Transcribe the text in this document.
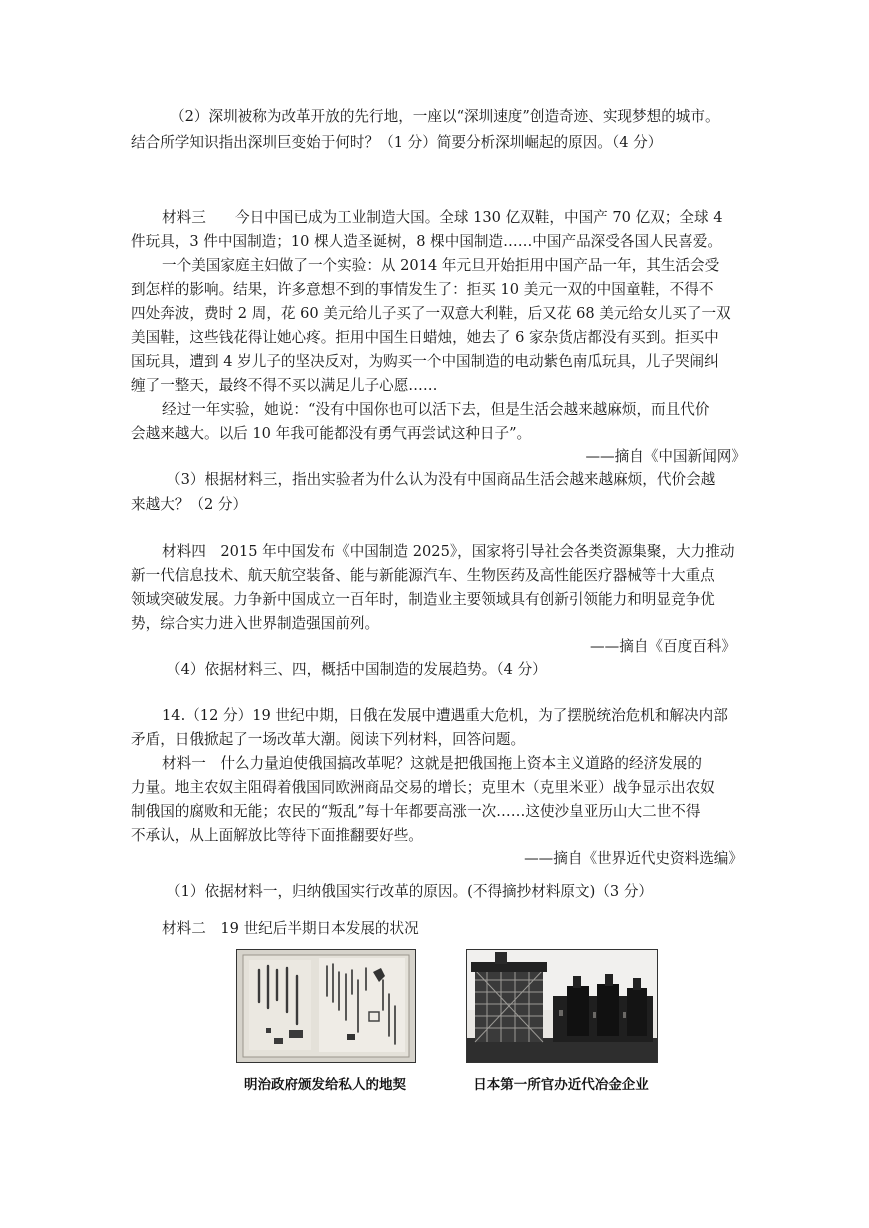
（2）深圳被称为改革开放的先行地，一座以“深圳速度”创造奇迹、实现梦想的城市。
结合所学知识指出深圳巨变始于何时？（1 分）简要分析深圳崛起的原因。（4 分）
材料三　　今日中国已成为工业制造大国。全球 130 亿双鞋，中国产 70 亿双；全球 4
件玩具，3 件中国制造；10 棵人造圣诞树，8 棵中国制造……中国产品深受各国人民喜爱。
一个美国家庭主妇做了一个实验：从 2014 年元旦开始拒用中国产品一年，其生活会受
到怎样的影响。结果，许多意想不到的事情发生了：拒买 10 美元一双的中国童鞋，不得不
四处奔波，费时 2 周，花 60 美元给儿子买了一双意大利鞋，后又花 68 美元给女儿买了一双
美国鞋，这些钱花得让她心疼。拒用中国生日蜡烛，她去了 6 家杂货店都没有买到。拒买中
国玩具，遭到 4 岁儿子的坚决反对，为购买一个中国制造的电动紫色南瓜玩具，儿子哭闹纠
缠了一整天，最终不得不买以满足儿子心愿……
经过一年实验，她说：“没有中国你也可以活下去，但是生活会越来越麻烦，而且代价
会越来越大。以后 10 年我可能都没有勇气再尝试这种日子”。
——摘自《中国新闻网》
（3）根据材料三，指出实验者为什么认为没有中国商品生活会越来越麻烦，代价会越
来越大？（2 分）
材料四　2015 年中国发布《中国制造 2025》，国家将引导社会各类资源集聚，大力推动
新一代信息技术、航天航空装备、能与新能源汽车、生物医药及高性能医疗器械等十大重点
领域突破发展。力争新中国成立一百年时，制造业主要领域具有创新引领能力和明显竞争优
势，综合实力进入世界制造强国前列。
——摘自《百度百科》
（4）依据材料三、四，概括中国制造的发展趋势。（4 分）
14.（12 分）19 世纪中期，日俄在发展中遭遇重大危机，为了摆脱统治危机和解决内部
矛盾，日俄掀起了一场改革大潮。阅读下列材料，回答问题。
材料一　什么力量迫使俄国搞改革呢？这就是把俄国拖上资本主义道路的经济发展的
力量。地主农奴主阻碍着俄国同欧洲商品交易的增长；克里木（克里米亚）战争显示出农奴
制俄国的腐败和无能；农民的“叛乱”每十年都要高涨一次……这使沙皇亚历山大二世不得
不承认，从上面解放比等待下面推翻要好些。
——摘自《世界近代史资料选编》
（1）依据材料一，归纳俄国实行改革的原因。(不得摘抄材料原文)（3 分）
材料二　19 世纪后半期日本发展的状况
明治政府颁发给私人的地契	日本第一所官办近代冶金企业
